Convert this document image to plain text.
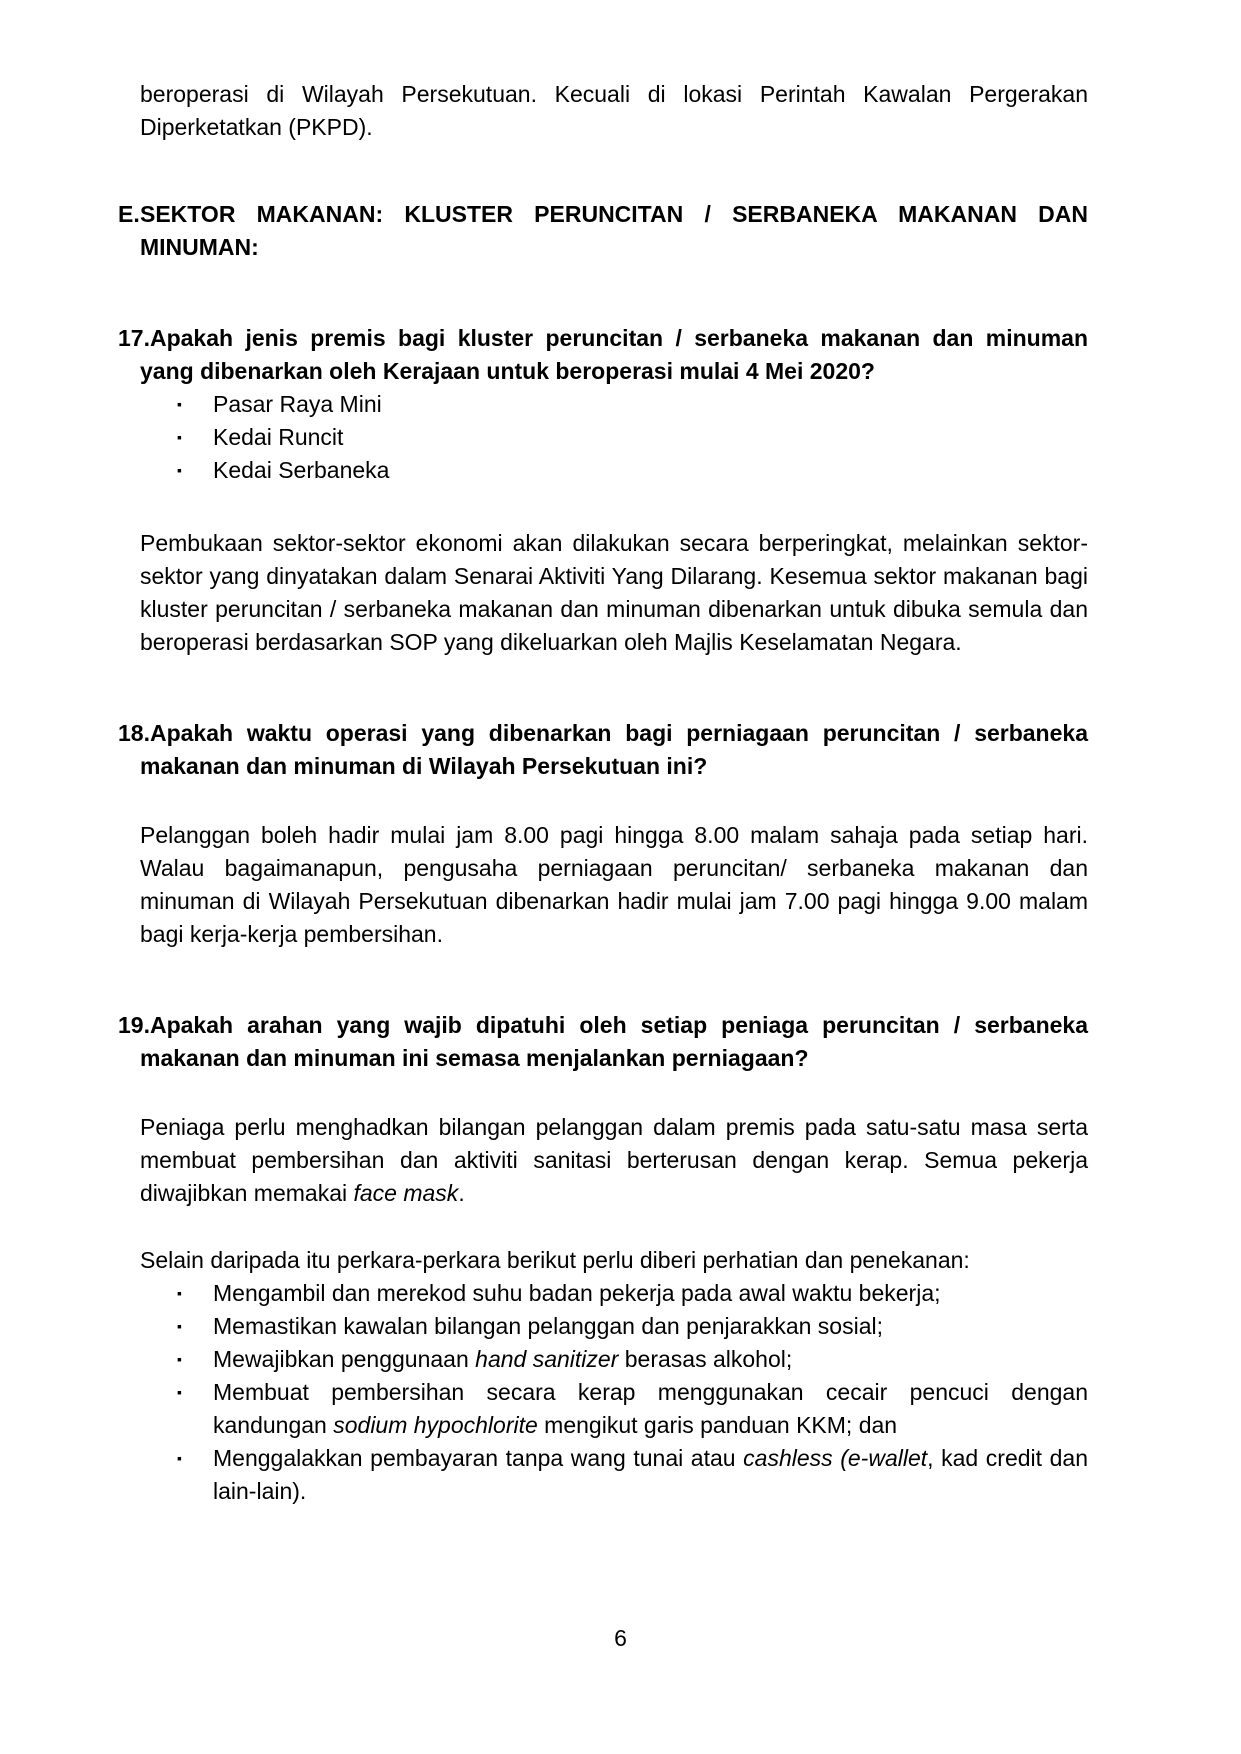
beroperasi di Wilayah Persekutuan. Kecuali di lokasi Perintah Kawalan Pergerakan Diperketatkan (PKPD).

E.SEKTOR MAKANAN: KLUSTER PERUNCITAN / SERBANEKA MAKANAN DAN MINUMAN:
17.Apakah jenis premis bagi kluster peruncitan / serbaneka makanan dan minuman yang dibenarkan oleh Kerajaan untuk beroperasi mulai 4 Mei 2020?
▪	Pasar Raya Mini
▪	Kedai Runcit
▪	Kedai Serbaneka

Pembukaan sektor-sektor ekonomi akan dilakukan secara berperingkat, melainkan sektor-sektor yang dinyatakan dalam Senarai Aktiviti Yang Dilarang. Kesemua sektor makanan bagi kluster peruncitan / serbaneka makanan dan minuman dibenarkan untuk dibuka semula dan beroperasi berdasarkan SOP yang dikeluarkan oleh Majlis Keselamatan Negara.

18.Apakah waktu operasi yang dibenarkan bagi perniagaan peruncitan / serbaneka makanan dan minuman di Wilayah Persekutuan ini?

Pelanggan boleh hadir mulai jam 8.00 pagi hingga 8.00 malam sahaja pada setiap hari. Walau bagaimanapun, pengusaha perniagaan peruncitan/ serbaneka makanan dan minuman di Wilayah Persekutuan dibenarkan hadir mulai jam 7.00 pagi hingga 9.00 malam bagi kerja-kerja pembersihan.

19.Apakah arahan yang wajib dipatuhi oleh setiap peniaga peruncitan / serbaneka makanan dan minuman ini semasa menjalankan perniagaan?

Peniaga perlu menghadkan bilangan pelanggan dalam premis pada satu-satu masa serta membuat pembersihan dan aktiviti sanitasi berterusan dengan kerap. Semua pekerja diwajibkan memakai face mask.

Selain daripada itu perkara-perkara berikut perlu diberi perhatian dan penekanan:

▪	Mengambil dan merekod suhu badan pekerja pada awal waktu bekerja;
▪	Memastikan kawalan bilangan pelanggan dan penjarakkan sosial;
▪	Mewajibkan penggunaan hand sanitizer berasas alkohol;
▪	Membuat pembersihan secara kerap menggunakan cecair pencuci dengan kandungan sodium hypochlorite mengikut garis panduan KKM; dan
▪	Menggalakkan pembayaran tanpa wang tunai atau cashless (e-wallet, kad credit dan lain-lain).
6
